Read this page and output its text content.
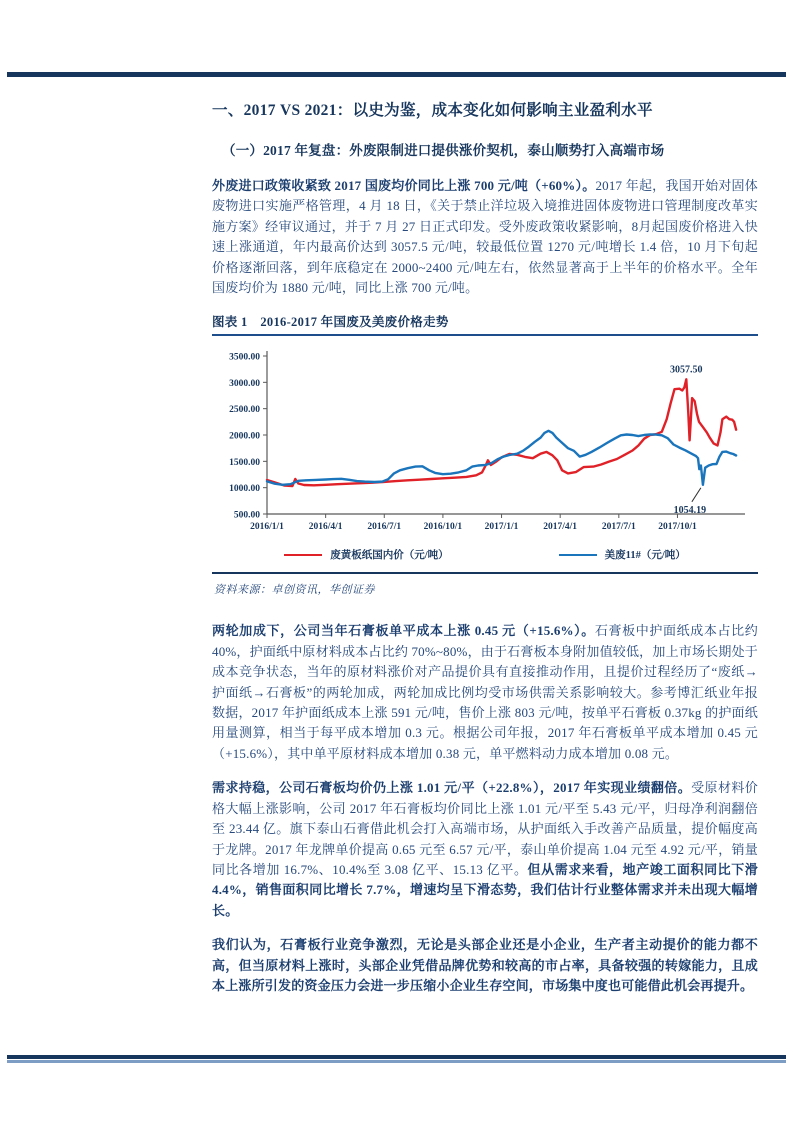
一、2017 VS 2021：以史为鉴，成本变化如何影响主业盈利水平
（一）2017 年复盘：外废限制进口提供涨价契机，泰山顺势打入高端市场

外废进口政策收紧致 2017 国废均价同比上涨 700 元/吨（+60%）。2017 年起，我国开始对固体废物进口实施严格管理，4 月 18 日，《关于禁止洋垃圾入境推进固体废物进口管理制度改革实施方案》经审议通过，并于 7 月 27 日正式印发。受外废政策收紧影响，8月起国废价格进入快速上涨通道，年内最高价达到 3057.5 元/吨，较最低位置 1270 元/吨增长 1.4 倍，10 月下旬起价格逐渐回落，到年底稳定在 2000~2400 元/吨左右，依然显著高于上半年的价格水平。全年国废均价为 1880 元/吨，同比上涨 700 元/吨。

图表 1　2016-2017 年国废及美废价格走势
500.00
1000.00
1500.00
2000.00
2500.00
3000.00
3500.00
2016/1/1	2016/4/1	2016/7/1 2016/10/1 2017/1/1	2017/4/1	2017/7/1 2017/10/1
3057.50
1054.19
废黄板纸国内价（元/吨）	美废11#（元/吨）
资料来源：卓创资讯，华创证券

两轮加成下，公司当年石膏板单平成本上涨 0.45 元（+15.6%）。石膏板中护面纸成本占比约 40%，护面纸中原材料成本占比约 70%~80%，由于石膏板本身附加值较低，加上市场长期处于成本竞争状态，当年的原材料涨价对产品提价具有直接推动作用，且提价过程经历了“废纸→护面纸→石膏板”的两轮加成，两轮加成比例均受市场供需关系影响较大。参考博汇纸业年报数据，2017 年护面纸成本上涨 591 元/吨，售价上涨 803 元/吨，按单平石膏板 0.37kg 的护面纸用量测算，相当于每平成本增加 0.3 元。根据公司年报，2017 年石膏板单平成本增加 0.45 元（+15.6%），其中单平原材料成本增加 0.38 元，单平燃料动力成本增加 0.08 元。

需求持稳，公司石膏板均价仍上涨 1.01 元/平（+22.8%），2017 年实现业绩翻倍。受原材料价格大幅上涨影响，公司 2017 年石膏板均价同比上涨 1.01 元/平至 5.43 元/平，归母净利润翻倍至 23.44 亿。旗下泰山石膏借此机会打入高端市场，从护面纸入手改善产品质量，提价幅度高于龙牌。2017 年龙牌单价提高 0.65 元至 6.57 元/平，泰山单价提高 1.04 元至 4.92 元/平，销量同比各增加 16.7%、10.4%至 3.08 亿平、15.13 亿平。但从需求来看，地产竣工面积同比下滑 4.4%，销售面积同比增长 7.7%，增速均呈下滑态势，我们估计行业整体需求并未出现大幅增长。

我们认为，石膏板行业竞争激烈，无论是头部企业还是小企业，生产者主动提价的能力都不高，但当原材料上涨时，头部企业凭借品牌优势和较高的市占率，具备较强的转嫁能力，且成本上涨所引发的资金压力会进一步压缩小企业生存空间，市场集中度也可能借此机会再提升。
